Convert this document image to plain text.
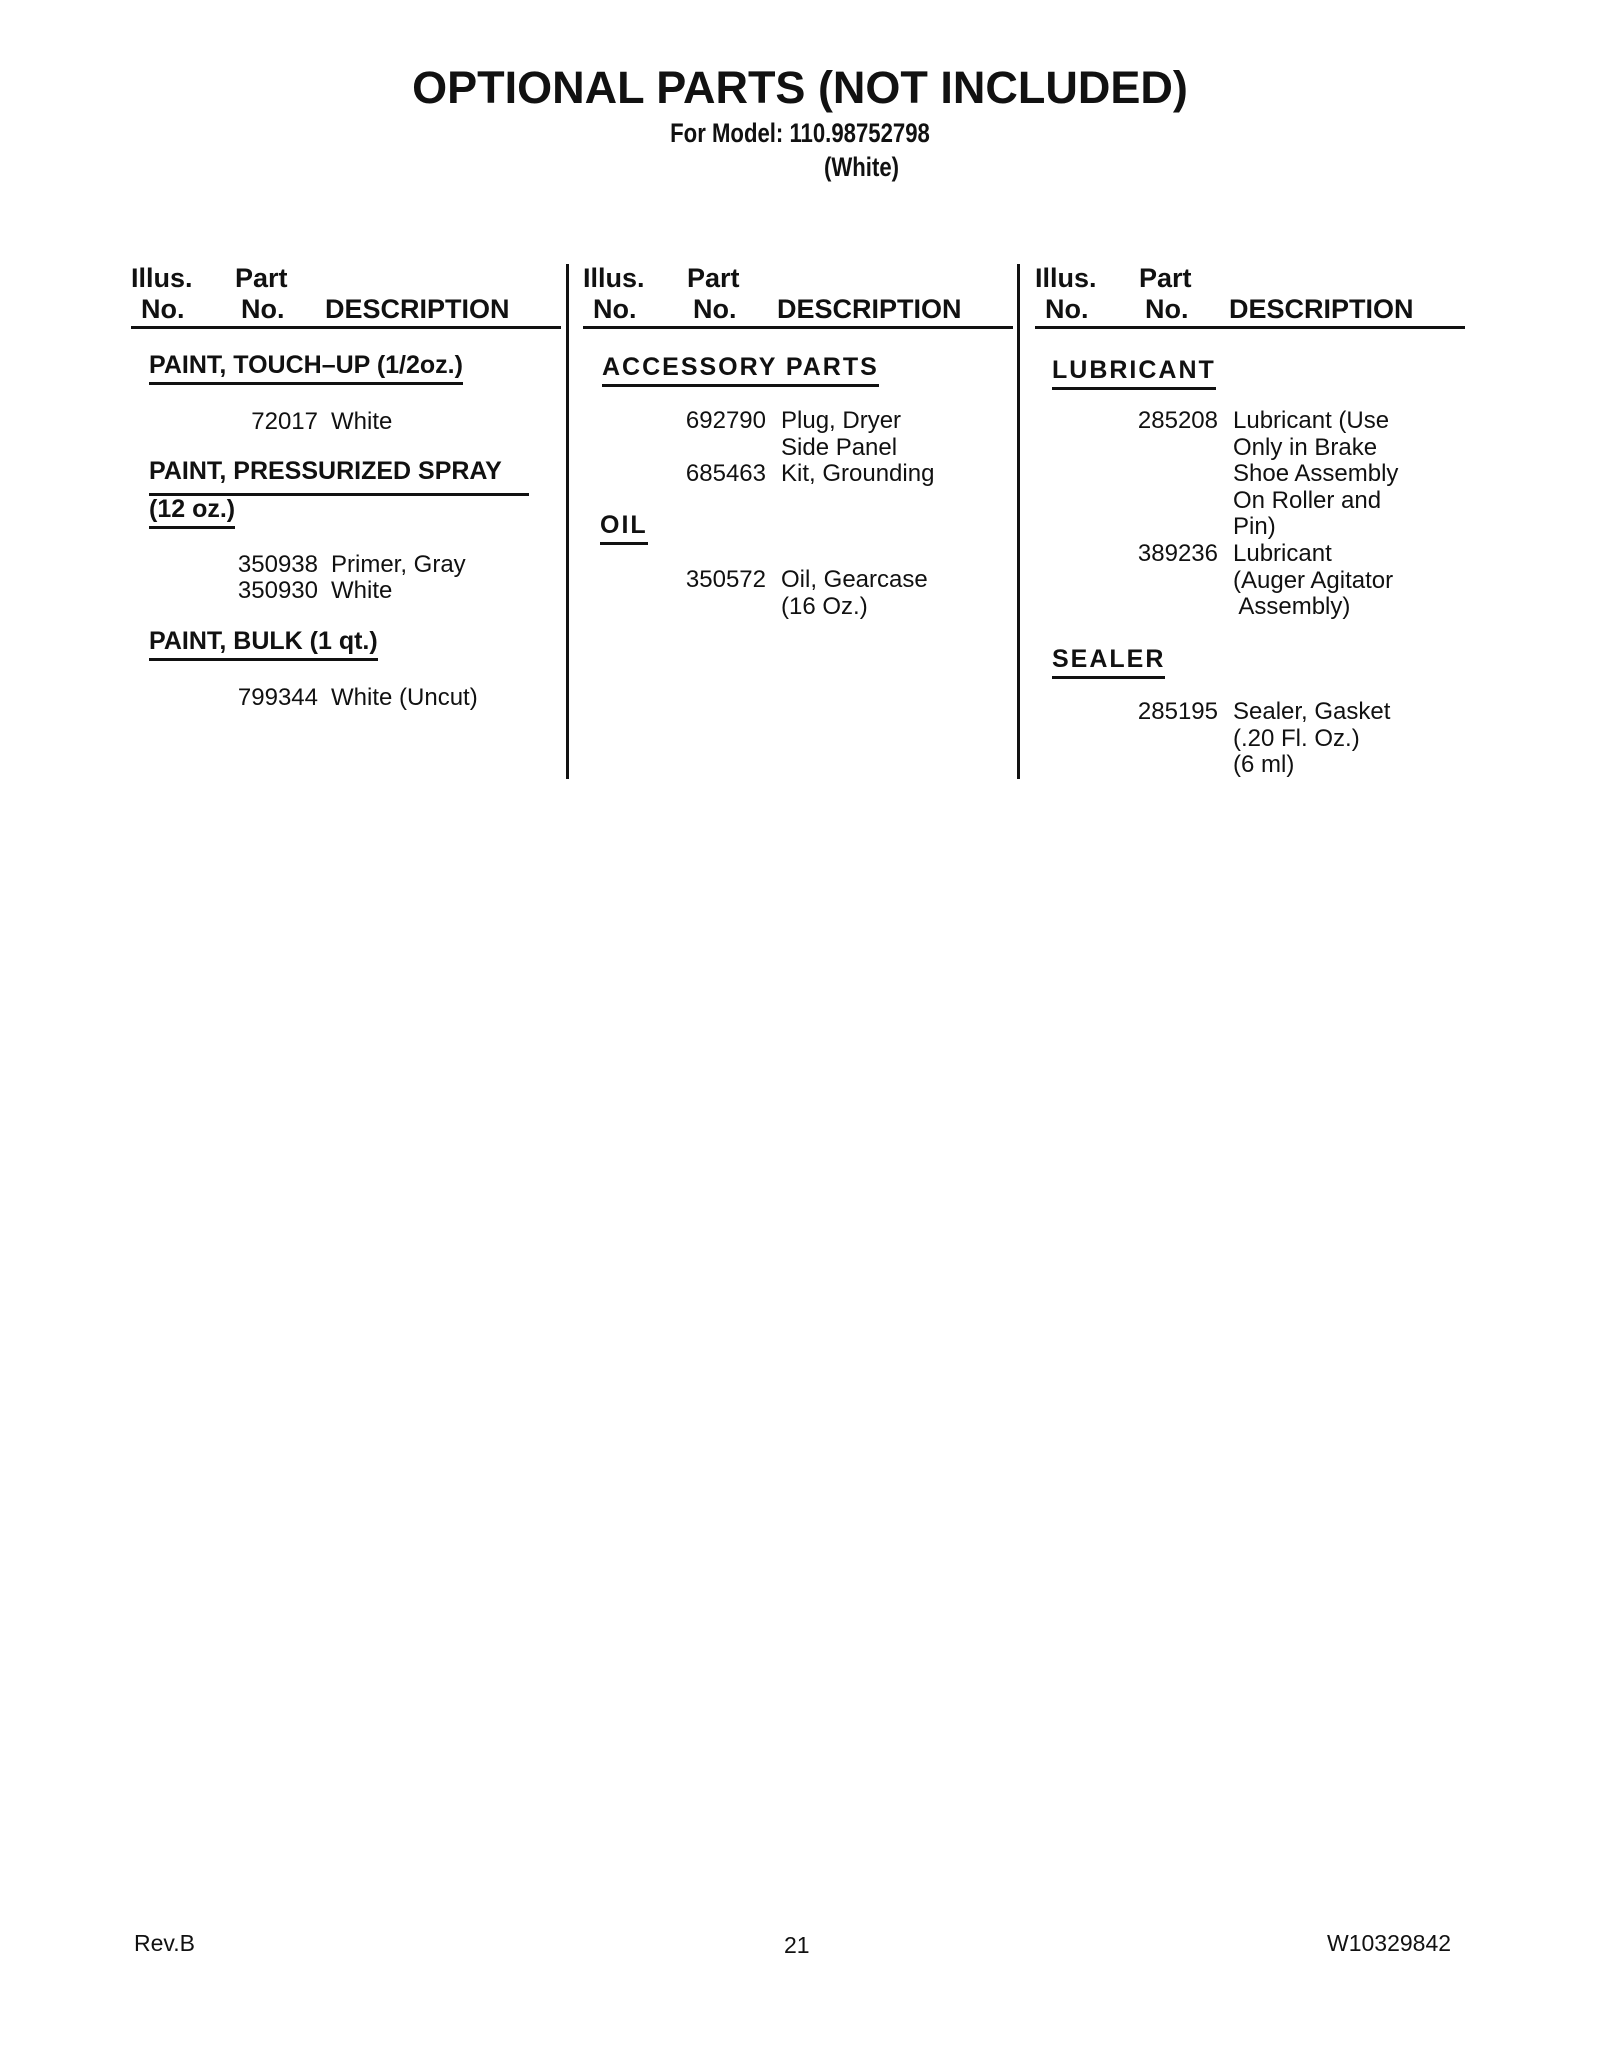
OPTIONAL PARTS (NOT INCLUDED)
For Model: 110.98752798
(White)
Illus.
No.
Part
No. DESCRIPTION
PAINT, TOUCH–UP (1/2oz.)
72017 White
PAINT, PRESSURIZED SPRAY
(12 oz.)
350938 Primer, Gray
350930 White
PAINT, BULK (1 qt.)
799344 White (Uncut)
Illus.
No.
Part
No. DESCRIPTION
ACCESSORY PARTS
692790 Plug, Dryer
Side Panel
685463 Kit, Grounding
OIL
350572 Oil, Gearcase
(16 Oz.)
Illus.
No.
Part
No. DESCRIPTION
LUBRICANT
285208 Lubricant (Use
Only in Brake
Shoe Assembly
On Roller and
Pin)
389236 Lubricant
(Auger Agitator
Assembly)
SEALER
285195 Sealer, Gasket
(.20 Fl. Oz.)
(6 ml)
Rev.B	21	W10329842
